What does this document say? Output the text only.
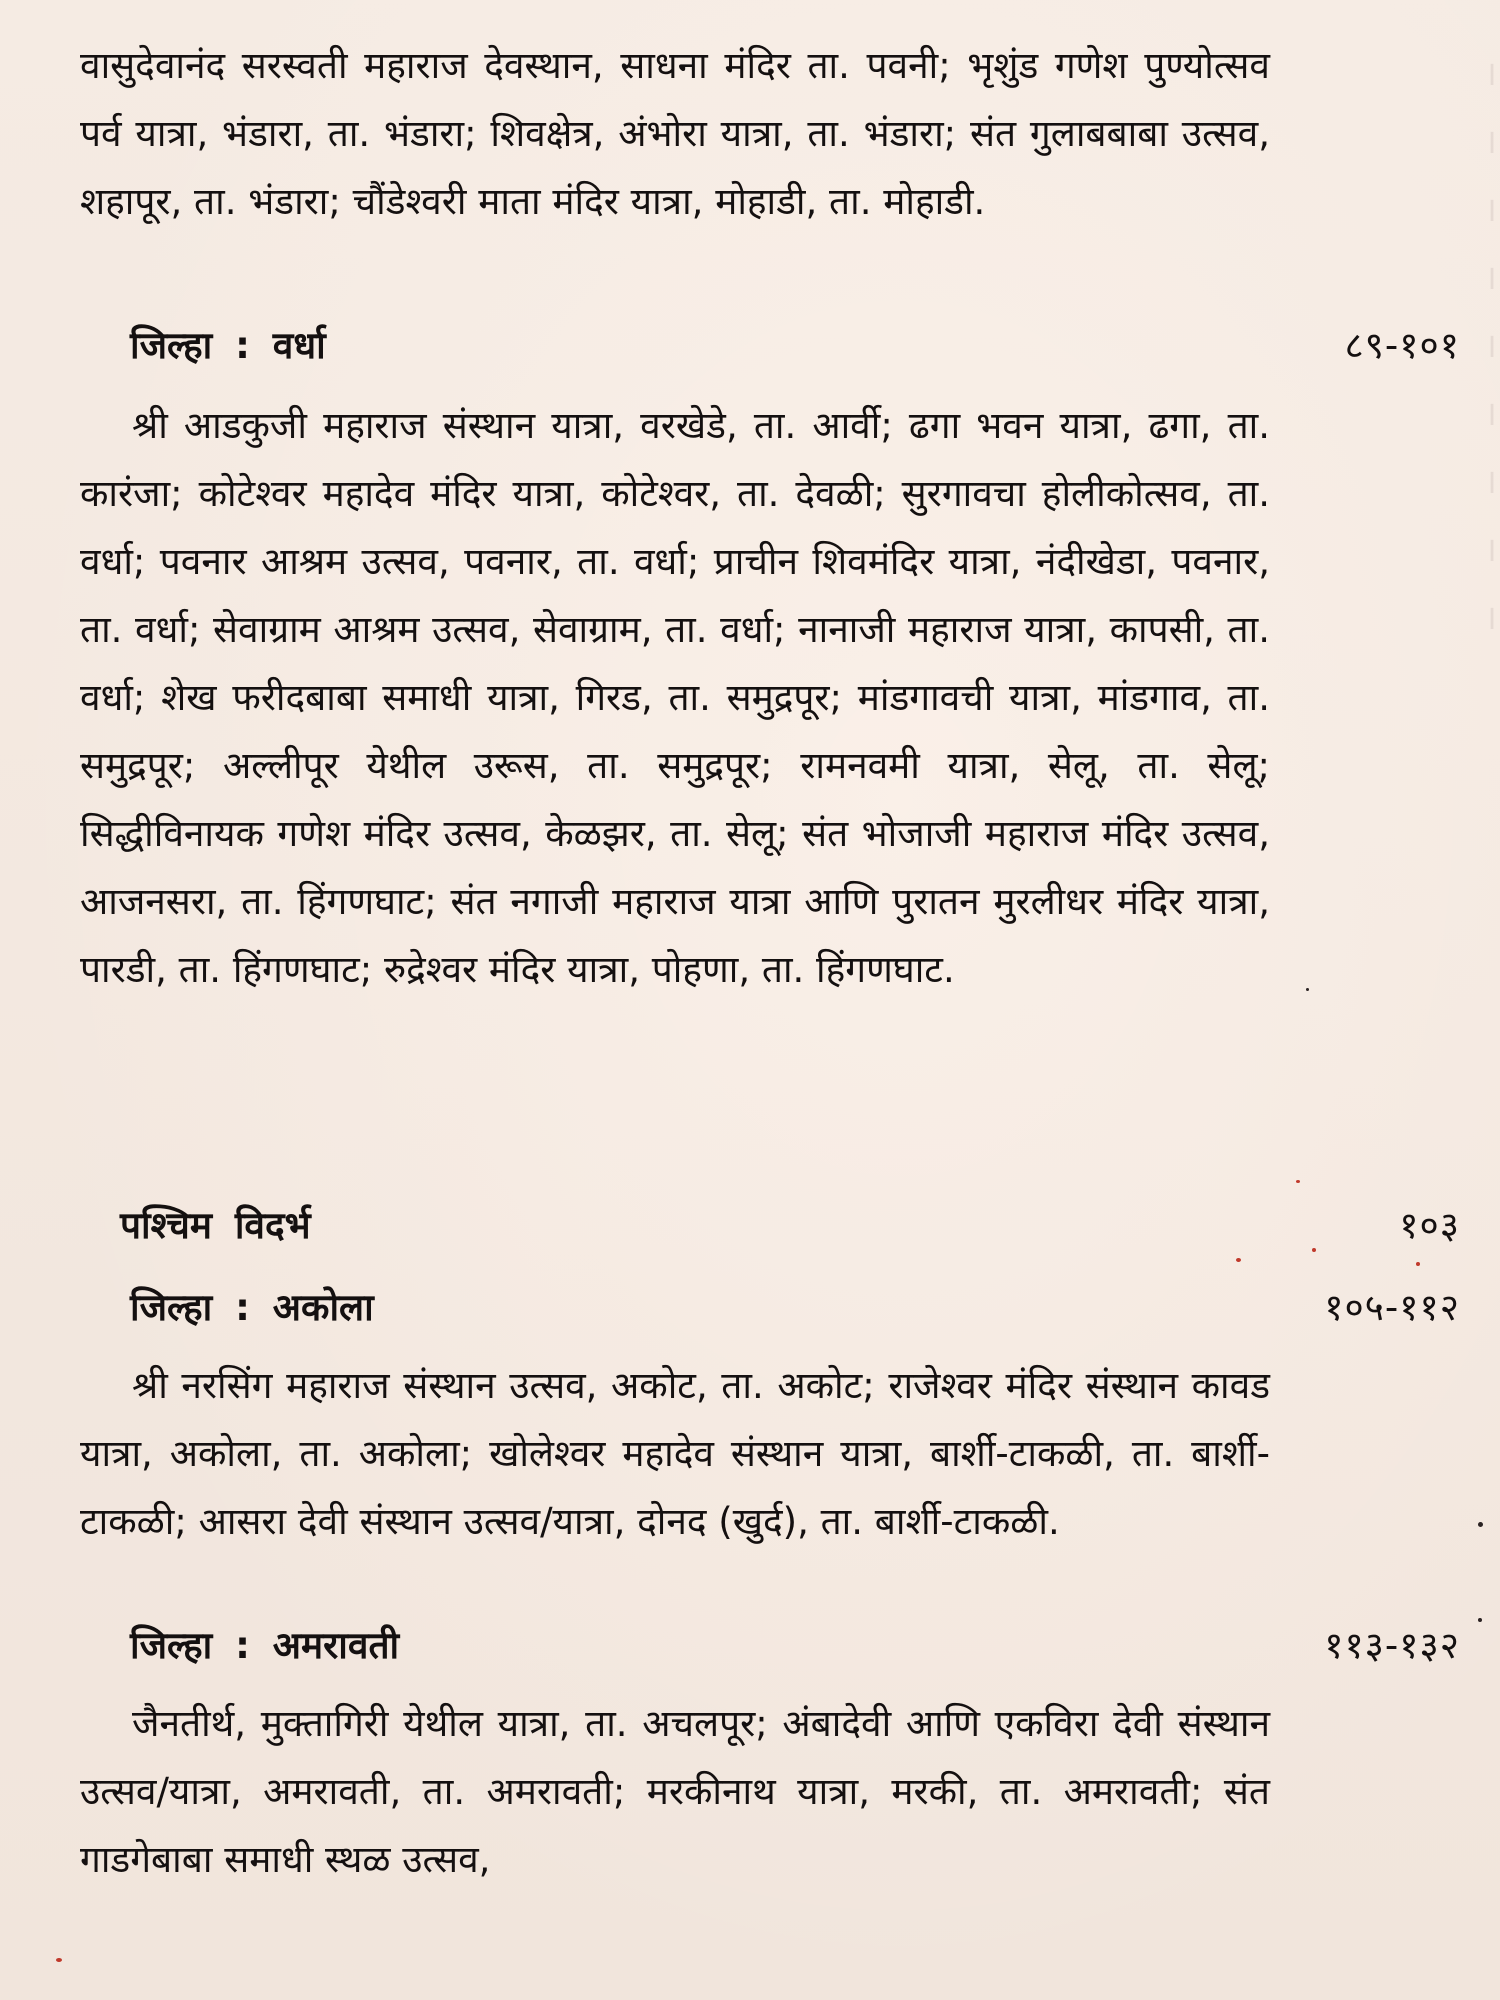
।
।
।
।
।
।
।
।
।

वासुदेवानंद सरस्वती महाराज देवस्थान, साधना मंदिर ता. पवनी; भृशुंड गणेश पुण्योत्सव पर्व यात्रा, भंडारा, ता. भंडारा; शिवक्षेत्र, अंभोरा यात्रा, ता. भंडारा; संत गुलाबबाबा उत्सव, शहापूर, ता. भंडारा; चौंडेश्वरी माता मंदिर यात्रा, मोहाडी, ता. मोहाडी.

जिल्हा : वर्धा	८९-१०१

श्री आडकुजी महाराज संस्थान यात्रा, वरखेडे, ता. आर्वी; ढगा भवन यात्रा, ढगा, ता. कारंजा; कोटेश्वर महादेव मंदिर यात्रा, कोटेश्वर, ता. देवळी; सुरगावचा होलीकोत्सव, ता. वर्धा; पवनार आश्रम उत्सव, पवनार, ता. वर्धा; प्राचीन शिवमंदिर यात्रा, नंदीखेडा, पवनार, ता. वर्धा; सेवाग्राम आश्रम उत्सव, सेवाग्राम, ता. वर्धा; नानाजी महाराज यात्रा, कापसी, ता. वर्धा; शेख फरीदबाबा समाधी यात्रा, गिरड, ता. समुद्रपूर; मांडगावची यात्रा, मांडगाव, ता. समुद्रपूर; अल्लीपूर येथील उरूस, ता. समुद्रपूर; रामनवमी यात्रा, सेलू, ता. सेलू; सिद्धीविनायक गणेश मंदिर उत्सव, केळझर, ता. सेलू; संत भोजाजी महाराज मंदिर उत्सव, आजनसरा, ता. हिंगणघाट; संत नगाजी महाराज यात्रा आणि पुरातन मुरलीधर मंदिर यात्रा, पारडी, ता. हिंगणघाट; रुद्रेश्वर मंदिर यात्रा, पोहणा, ता. हिंगणघाट.

पश्चिम विदर्भ	१०३
जिल्हा : अकोला	१०५-११२

श्री नरसिंग महाराज संस्थान उत्सव, अकोट, ता. अकोट; राजेश्वर मंदिर संस्थान कावड यात्रा, अकोला, ता. अकोला; खोलेश्वर महादेव संस्थान यात्रा, बार्शी-टाकळी, ता. बार्शी-टाकळी; आसरा देवी संस्थान उत्सव/यात्रा, दोनद (खुर्द), ता. बार्शी-टाकळी.

जिल्हा : अमरावती	११३-१३२

जैनतीर्थ, मुक्तागिरी येथील यात्रा, ता. अचलपूर; अंबादेवी आणि एकविरा देवी संस्थान उत्सव/यात्रा, अमरावती, ता. अमरावती; मरकीनाथ यात्रा, मरकी, ता. अमरावती; संत गाडगेबाबा समाधी स्थळ उत्सव,
